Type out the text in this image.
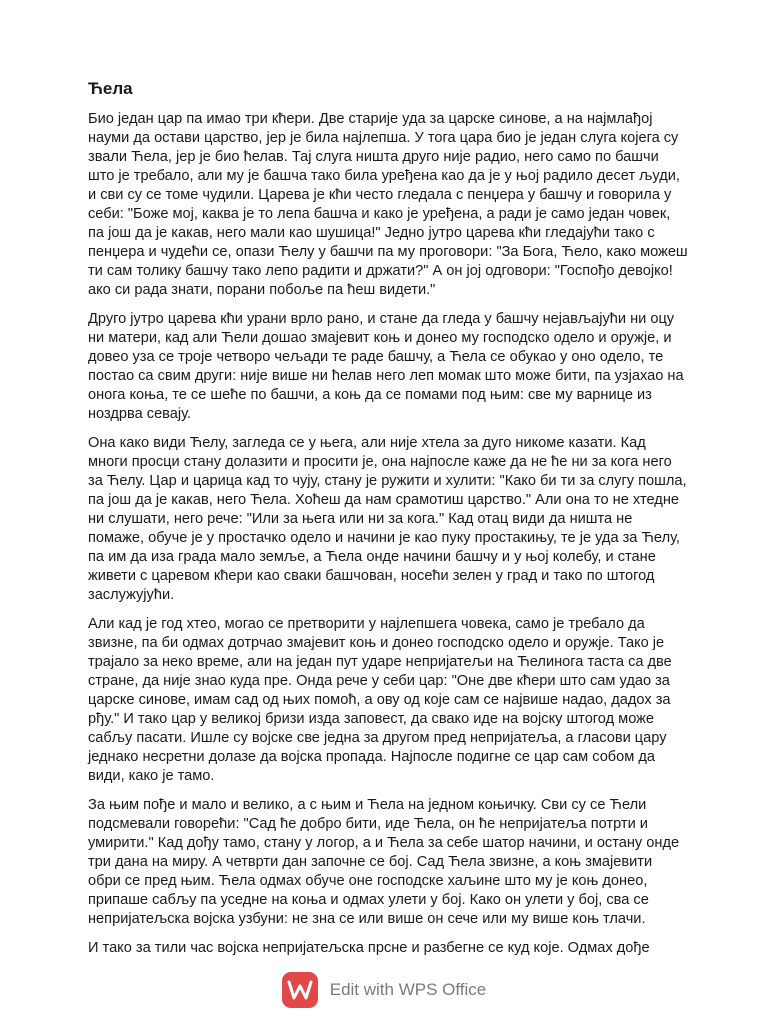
Ћела

Био један цар па имао три кћери. Две старије уда за царске синове, а на најмлађој науми да остави царство, јер је била најлепша. У тога цара био је један слуга којега су звали Ћела, јер је био ћелав. Тај слуга ништа друго није радио, него само по башчи што је требало, али му је башча тако била уређена као да је у њој радило десет људи, и сви су се томе чудили. Царева је кћи често гледала с пенџера у башчу и говорила у себи: "Боже мој, каква је то лепа башча и како је уређена, а ради је само један човек, па још да је какав, него мали као шушица!" Једно јутро царева кћи гледајући тако с пенџера и чудећи се, опази Ћелу у башчи па му проговори: "За Бога, Ћело, како можеш ти сам толику башчу тако лепо радити и држати?" А он јој одговори: "Госпођо девојко! ако си рада знати, порани побоље па ћеш видети."

Друго јутро царева кћи урани врло рано, и стане да гледа у башчу нејављајући ни оцу ни матери, кад али Ћели дошао змајевит коњ и донео му господско одело и оружје, и довео уза се троје четворо чељади те раде башчу, а Ћела се обукао у оно одело, те постао са свим други: није више ни ћелав него леп момак што може бити, па узјахао на онога коња, те се шеће по башчи, а коњ да се помами под њим: све му варнице из ноздрва севају.

Она како види Ћелу, загледа се у њега, али није хтела за дуго никоме казати. Кад многи просци стану долазити и просити је, она најпосле каже да не ће ни за кога него за Ћелу. Цар и царица кад то чују, стану је ружити и хулити: "Како би ти за слугу пошла, па још да је какав, него Ћела. Хоћеш да нам срамотиш царство." Али она то не хтедне ни слушати, него рече: "Или за њега или ни за кога." Кад отац види да ништа не помаже, обуче је у простачко одело и начини је као пуку простакињу, те је уда за Ћелу, па им да иза града мало земље, а Ћела онде начини башчу и у њој колебу, и стане живети с царевом кћери као сваки башчован, носећи зелен у град и тако по штогод заслужујући.

Али кад је год хтео, могао се претворити у најлепшега човека, само је требало да звизне, па би одмах дотрчао змајевит коњ и донео господско одело и оружје. Тако је трајало за неко време, али на један пут ударе непријатељи на Ћелинога таста са две стране, да није знао куда пре. Онда рече у себи цар: "Оне две кћери што сам удао за царске синове, имам сад од њих помоћ, а ову од које сам се највише надао, дадох за рђу." И тако цар у великој бризи изда заповест, да свако иде на војску штогод може сабљу пасати. Ишле су војске све једна за другом пред непријатеља, а гласови цару једнако несретни долазе да војска пропада. Најпосле подигне се цар сам собом да види, како је тамо.

За њим пође и мало и велико, а с њим и Ћела на једном коњичку. Сви су се Ћели подсмевали говорећи: "Сад ће добро бити, иде Ћела, он ће непријатеља потрти и умирити." Кад дођу тамо, стану у логор, а и Ћела за себе шатор начини, и остану онде три дана на миру. А четврти дан започне се бој. Сад Ћела звизне, а коњ змајевити обри се пред њим. Ћела одмах обуче оне господске хаљине што му је коњ донео, припаше сабљу па уседне на коња и одмах улети у бој. Како он улети у бој, сва се непријатељска војска узбуни: не зна се или више он сече или му више коњ тлачи.

И тако за тили час војска непријатељска прсне и разбегне се куд које. Одмах дође

Edit with WPS Office
